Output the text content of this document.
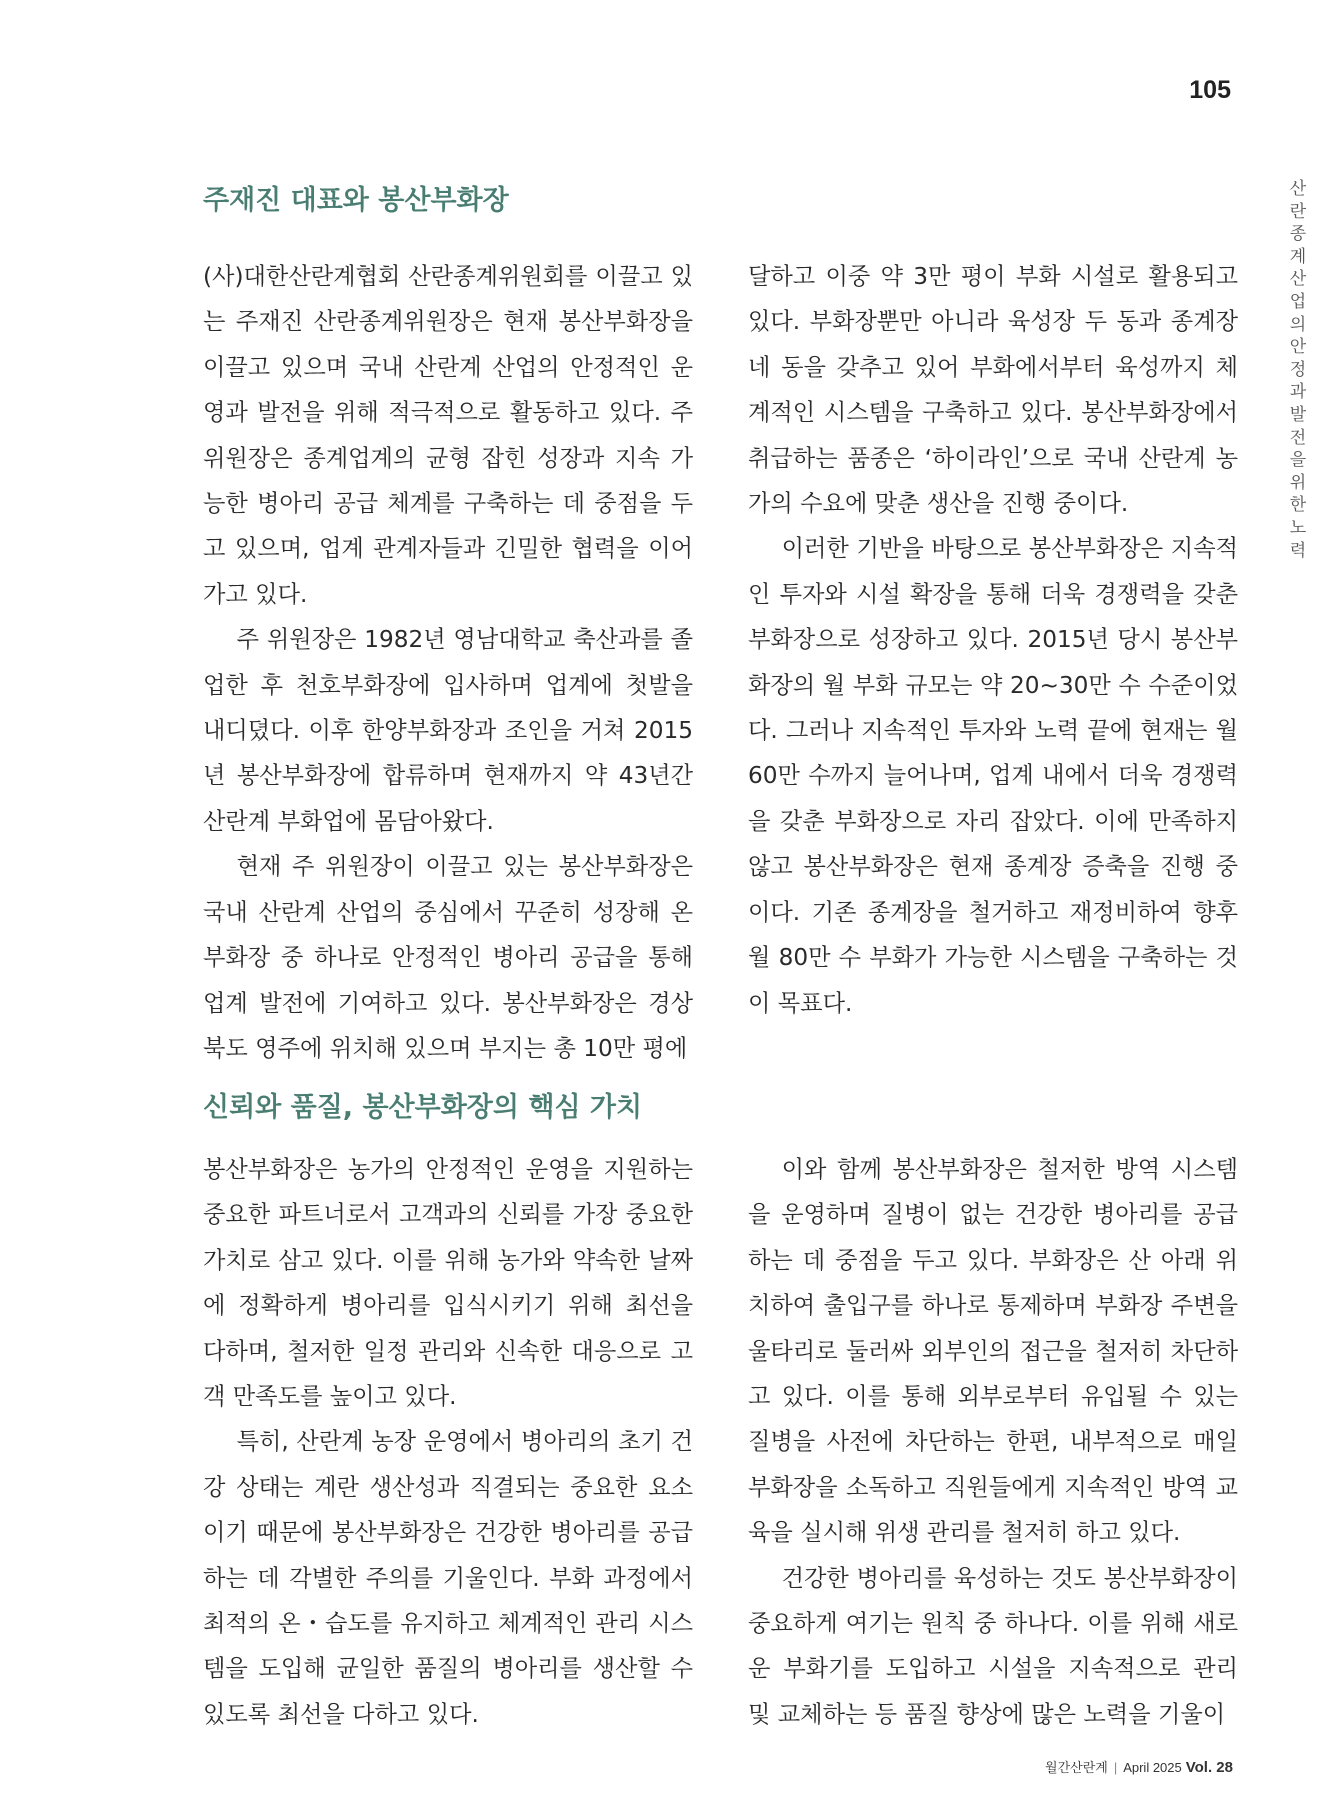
105
산란종계 산업의 안정과 발전을 위한 노력
주재진 대표와 봉산부화장

(사)대한산란계협회 산란종계위원회를 이끌고 있는 주재진 산란종계위원장은 현재 봉산부화장을 이끌고 있으며 국내 산란계 산업의 안정적인 운영과 발전을 위해 적극적으로 활동하고 있다. 주 위원장은 종계업계의 균형 잡힌 성장과 지속 가능한 병아리 공급 체계를 구축하는 데 중점을 두고 있으며, 업계 관계자들과 긴밀한 협력을 이어가고 있다.

주 위원장은 1982년 영남대학교 축산과를 졸업한 후 천호부화장에 입사하며 업계에 첫발을 내디뎠다. 이후 한양부화장과 조인을 거쳐 2015년 봉산부화장에 합류하며 현재까지 약 43년간 산란계 부화업에 몸담아왔다.

현재 주 위원장이 이끌고 있는 봉산부화장은 국내 산란계 산업의 중심에서 꾸준히 성장해 온 부화장 중 하나로 안정적인 병아리 공급을 통해 업계 발전에 기여하고 있다. 봉산부화장은 경상북도 영주에 위치해 있으며 부지는 총 10만 평에

달하고 이중 약 3만 평이 부화 시설로 활용되고 있다. 부화장뿐만 아니라 육성장 두 동과 종계장 네 동을 갖추고 있어 부화에서부터 육성까지 체계적인 시스템을 구축하고 있다. 봉산부화장에서 취급하는 품종은 ‘하이라인’으로 국내 산란계 농가의 수요에 맞춘 생산을 진행 중이다.

이러한 기반을 바탕으로 봉산부화장은 지속적인 투자와 시설 확장을 통해 더욱 경쟁력을 갖춘 부화장으로 성장하고 있다. 2015년 당시 봉산부화장의 월 부화 규모는 약 20~30만 수 수준이었다. 그러나 지속적인 투자와 노력 끝에 현재는 월 60만 수까지 늘어나며, 업계 내에서 더욱 경쟁력을 갖춘 부화장으로 자리 잡았다. 이에 만족하지 않고 봉산부화장은 현재 종계장 증축을 진행 중이다. 기존 종계장을 철거하고 재정비하여 향후 월 80만 수 부화가 가능한 시스템을 구축하는 것이 목표다.

신뢰와 품질, 봉산부화장의 핵심 가치

봉산부화장은 농가의 안정적인 운영을 지원하는 중요한 파트너로서 고객과의 신뢰를 가장 중요한 가치로 삼고 있다. 이를 위해 농가와 약속한 날짜에 정확하게 병아리를 입식시키기 위해 최선을 다하며, 철저한 일정 관리와 신속한 대응으로 고객 만족도를 높이고 있다.

특히, 산란계 농장 운영에서 병아리의 초기 건강 상태는 계란 생산성과 직결되는 중요한 요소이기 때문에 봉산부화장은 건강한 병아리를 공급하는 데 각별한 주의를 기울인다. 부화 과정에서 최적의 온・습도를 유지하고 체계적인 관리 시스템을 도입해 균일한 품질의 병아리를 생산할 수 있도록 최선을 다하고 있다.

이와 함께 봉산부화장은 철저한 방역 시스템을 운영하며 질병이 없는 건강한 병아리를 공급하는 데 중점을 두고 있다. 부화장은 산 아래 위치하여 출입구를 하나로 통제하며 부화장 주변을 울타리로 둘러싸 외부인의 접근을 철저히 차단하고 있다. 이를 통해 외부로부터 유입될 수 있는 질병을 사전에 차단하는 한편, 내부적으로 매일 부화장을 소독하고 직원들에게 지속적인 방역 교육을 실시해 위생 관리를 철저히 하고 있다.

건강한 병아리를 육성하는 것도 봉산부화장이 중요하게 여기는 원칙 중 하나다. 이를 위해 새로운 부화기를 도입하고 시설을 지속적으로 관리 및 교체하는 등 품질 향상에 많은 노력을 기울이

월간산란계 | April 2025 Vol. 28
